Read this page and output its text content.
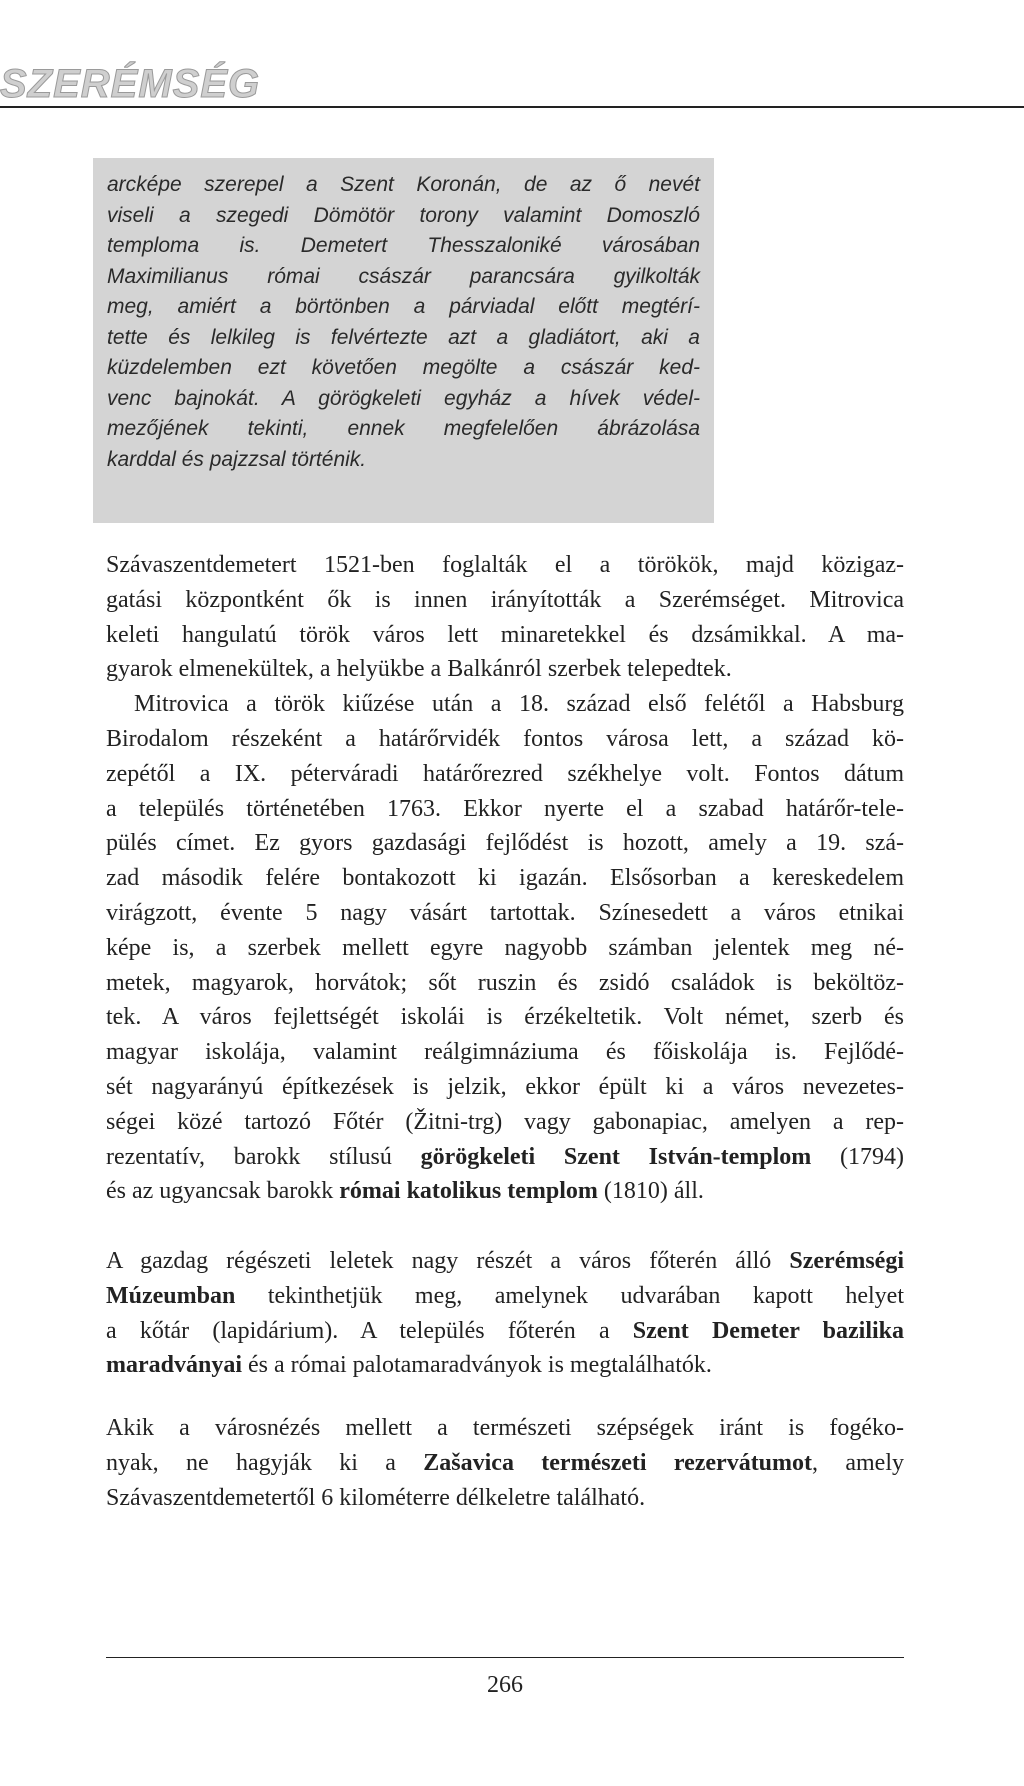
SZERÉMSÉG
arcképe szerepel a Szent Koronán, de az ő nevét
viseli a szegedi Dömötör torony valamint Domoszló
temploma is. Demetert Thesszaloniké városában
Maximilianus római császár parancsára gyilkolták
meg, amiért a börtönben a párviadal előtt megtérí-
tette és lelkileg is felvértezte azt a gladiátort, aki a
küzdelemben ezt követően megölte a császár ked-
venc bajnokát. A görögkeleti egyház a hívek védel-
mezőjének tekinti, ennek megfelelően ábrázolása
karddal és pajzzsal történik.
Szávaszentdemetert 1521-ben foglalták el a törökök, majd közigaz-
gatási központként ők is innen irányították a Szerémséget. Mitrovica
keleti hangulatú török város lett minaretekkel és dzsámikkal. A ma-
gyarok elmenekültek, a helyükbe a Balkánról szerbek telepedtek.
Mitrovica a török kiűzése után a 18. század első felétől a Habsburg
Birodalom részeként a határőrvidék fontos városa lett, a század kö-
zepétől a IX. péterváradi határőrezred székhelye volt. Fontos dátum
a település történetében 1763. Ekkor nyerte el a szabad határőr-tele-
pülés címet. Ez gyors gazdasági fejlődést is hozott, amely a 19. szá-
zad második felére bontakozott ki igazán. Elsősorban a kereskedelem
virágzott, évente 5 nagy vásárt tartottak. Színesedett a város etnikai
képe is, a szerbek mellett egyre nagyobb számban jelentek meg né-
metek, magyarok, horvátok; sőt ruszin és zsidó családok is beköltöz-
tek. A város fejlettségét iskolái is érzékeltetik. Volt német, szerb és
magyar iskolája, valamint reálgimnáziuma és főiskolája is. Fejlődé-
sét nagyarányú építkezések is jelzik, ekkor épült ki a város nevezetes-
ségei közé tartozó Főtér (Žitni-trg) vagy gabonapiac, amelyen a rep-
rezentatív, barokk stílusú görögkeleti Szent István-templom (1794)
és az ugyancsak barokk római katolikus templom (1810) áll.
A gazdag régészeti leletek nagy részét a város főterén álló Szerémségi
Múzeumban tekinthetjük meg, amelynek udvarában kapott helyet
a kőtár (lapidárium). A település főterén a Szent Demeter bazilika
maradványai és a római palotamaradványok is megtalálhatók.
Akik a városnézés mellett a természeti szépségek iránt is fogéko-
nyak, ne hagyják ki a Zašavica természeti rezervátumot, amely
Szávaszentdemetertől 6 kilométerre délkeletre található.
266
